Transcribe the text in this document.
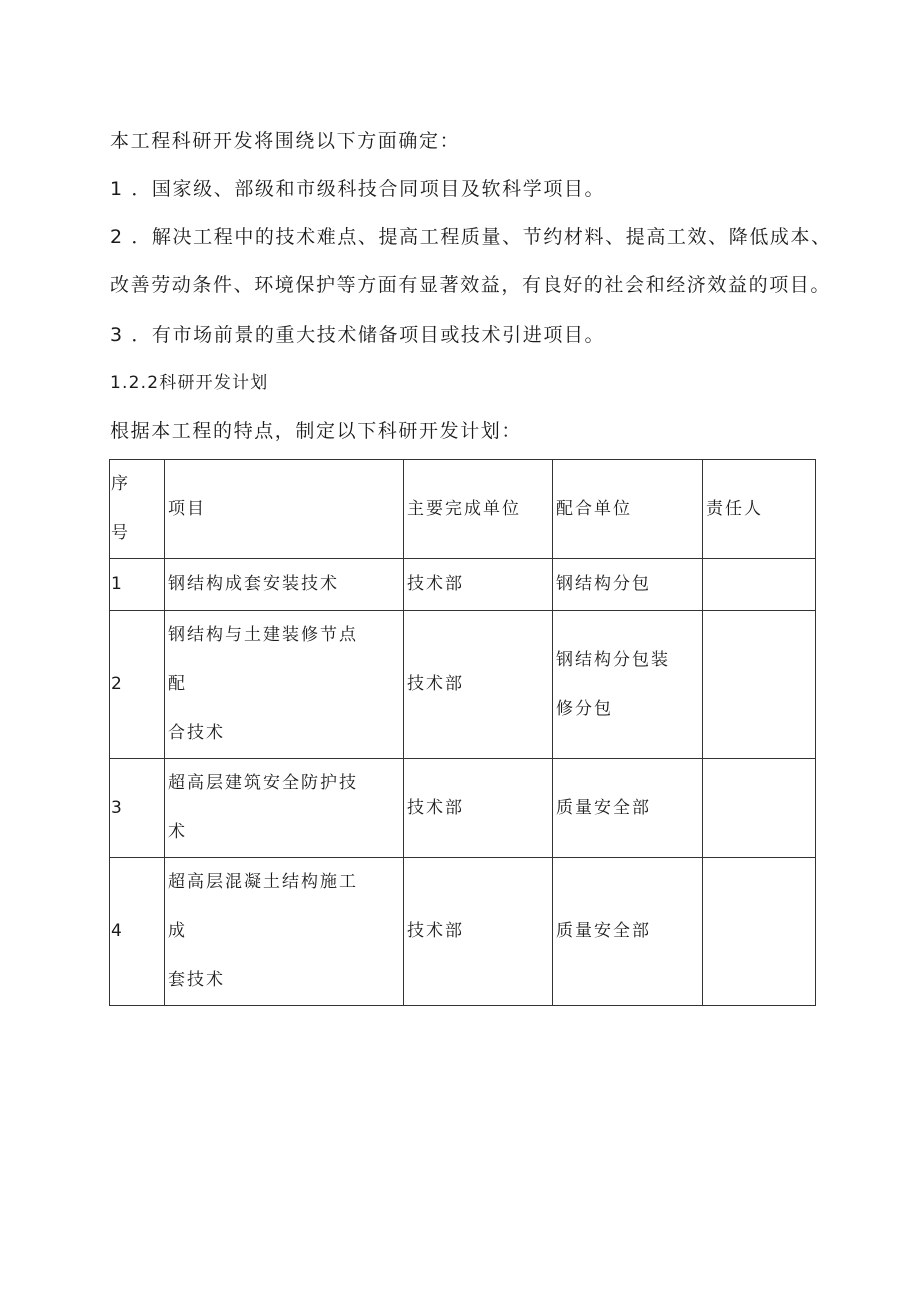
本工程科研开发将围绕以下方面确定：
1 ．国家级、部级和市级科技合同项目及软科学项目。
2 ．解决工程中的技术难点、提高工程质量、节约材料、提高工效、降低成本、
改善劳动条件、环境保护等方面有显著效益，有良好的社会和经济效益的项目。
3 ．有市场前景的重大技术储备项目或技术引进项目。
1.2.2科研开发计划
根据本工程的特点，制定以下科研开发计划：
序
号	项目	主要完成单位	配合单位	责任人
1	钢结构成套安装技术	技术部	钢结构分包	
2	钢结构与土建装修节点
配
合技术	技术部	钢结构分包装
修分包	

3	超高层建筑安全防护技
术	技术部	质量安全部	
4	超高层混凝土结构施工
成
套技术	技术部	质量安全部	
